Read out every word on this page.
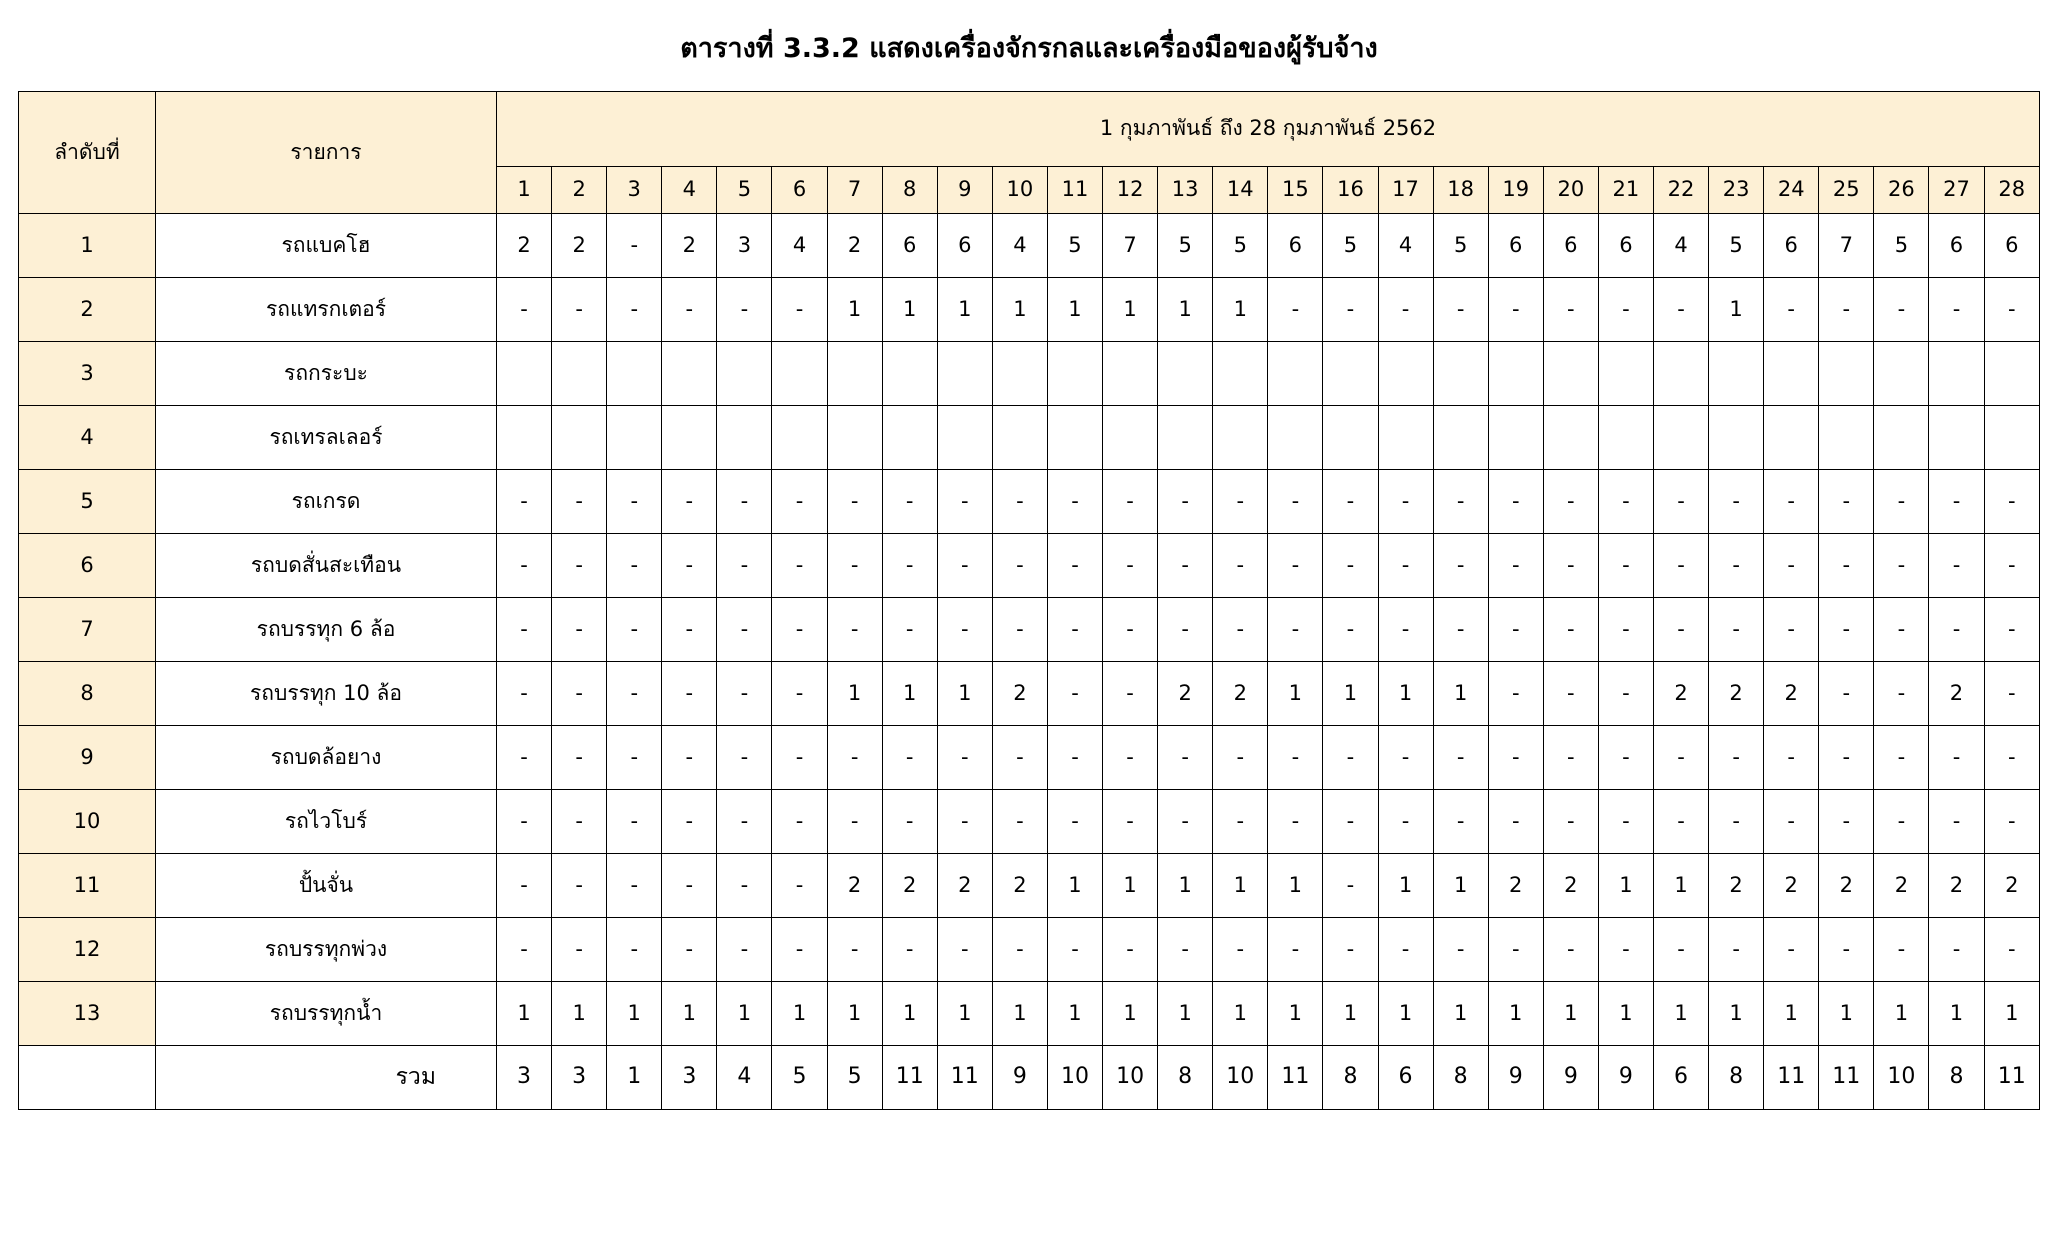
ตารางที่ 3.3.2 แสดงเครื่องจักรกลและเครื่องมือของผู้รับจ้าง
ลำดับที่	รายการ	1 กุมภาพันธ์ ถึง 28 กุมภาพันธ์ 2562																											
		1	2	3	4	5	6	7	8	9	10	11	12	13	14	15	16	17	18	19	20	21	22	23	24	25	26	27	28
1	รถแบคโฮ	2	2	-	2	3	4	2	6	6	4	5	7	5	5	6	5	4	5	6	6	6	4	5	6	7	5	6	6
2	รถแทรกเตอร์	-	-	-	-	-	-	1	1	1	1	1	1	1	1	-	-	-	-	-	-	-	-	1	-	-	-	-	-
3	รถกระบะ																												
4	รถเทรลเลอร์																												
5	รถเกรด	-	-	-	-	-	-	-	-	-	-	-	-	-	-	-	-	-	-	-	-	-	-	-	-	-	-	-	-
6	รถบดสั่นสะเทือน	-	-	-	-	-	-	-	-	-	-	-	-	-	-	-	-	-	-	-	-	-	-	-	-	-	-	-	-
7	รถบรรทุก 6 ล้อ	-	-	-	-	-	-	-	-	-	-	-	-	-	-	-	-	-	-	-	-	-	-	-	-	-	-	-	-
8	รถบรรทุก 10 ล้อ	-	-	-	-	-	-	1	1	1	2	-	-	2	2	1	1	1	1	-	-	-	2	2	2	-	-	2	-
9	รถบดล้อยาง	-	-	-	-	-	-	-	-	-	-	-	-	-	-	-	-	-	-	-	-	-	-	-	-	-	-	-	-
10	รถไวโบร์	-	-	-	-	-	-	-	-	-	-	-	-	-	-	-	-	-	-	-	-	-	-	-	-	-	-	-	-
11	ปั้นจั่น	-	-	-	-	-	-	2	2	2	2	1	1	1	1	1	-	1	1	2	2	1	1	2	2	2	2	2	2
12	รถบรรทุกพ่วง	-	-	-	-	-	-	-	-	-	-	-	-	-	-	-	-	-	-	-	-	-	-	-	-	-	-	-	-
13	รถบรรทุกน้ำ	1	1	1	1	1	1	1	1	1	1	1	1	1	1	1	1	1	1	1	1	1	1	1	1	1	1	1	1
	รวม	3	3	1	3	4	5	5	11	11	9	10	10	8	10	11	8	6	8	9	9	9	6	8	11	11	10	8	11
